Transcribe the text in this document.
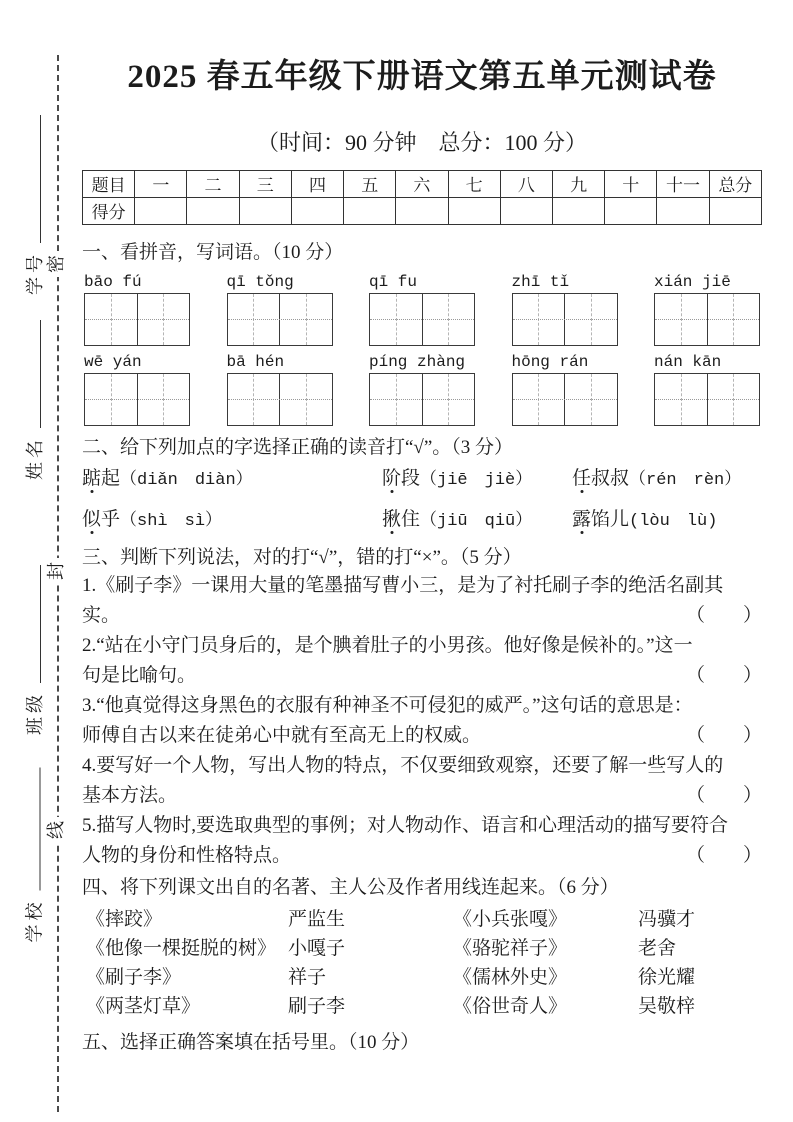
密
封
线
学号
姓名
班级
学校
2025 春五年级下册语文第五单元测试卷
（时间：90 分钟　总分：100 分）
题目	一	二	三	四	五	六	七	八	九	十	十一	总分
得分												
一、看拼音，写词语。（10 分）
bāo fú	qī tǒng	qī fu	zhī tǐ	xián jiē
wē yán	bā hén	píng zhàng	hōng rán	nán kān
二、给下列加点的字选择正确的读音打“√”。（3 分）
踮起（diǎn　diàn）	阶段（jiē　jiè）	任叔叔（rén　rèn）
似乎（shì　sì）	揪住（jiū　qiū）	露馅儿(lòu　lù)
三、判断下列说法，对的打“√”，错的打“×”。（5 分）
1.《刷子李》一课用大量的笔墨描写曹小三，是为了衬托刷子李的绝活名副其
实。	（　　）
2.“站在小守门员身后的，是个腆着肚子的小男孩。他好像是候补的。”这一
句是比喻句。	（　　）
3.“他真觉得这身黑色的衣服有种神圣不可侵犯的威严。”这句话的意思是：
师傅自古以来在徒弟心中就有至高无上的权威。	（　　）
4.要写好一个人物，写出人物的特点，不仅要细致观察，还要了解一些写人的
基本方法。	（　　）
5.描写人物时,要选取典型的事例；对人物动作、语言和心理活动的描写要符合
人物的身份和性格特点。	（　　）
四、将下列课文出自的名著、主人公及作者用线连起来。（6 分）
《摔跤》	严监生	《小兵张嘎》	冯骥才
《他像一棵挺脱的树》 小嘎子	《骆驼祥子》	老舍
《刷子李》	祥子	《儒林外史》	徐光耀
《两茎灯草》	刷子李	《俗世奇人》	吴敬梓
五、选择正确答案填在括号里。（10 分）
